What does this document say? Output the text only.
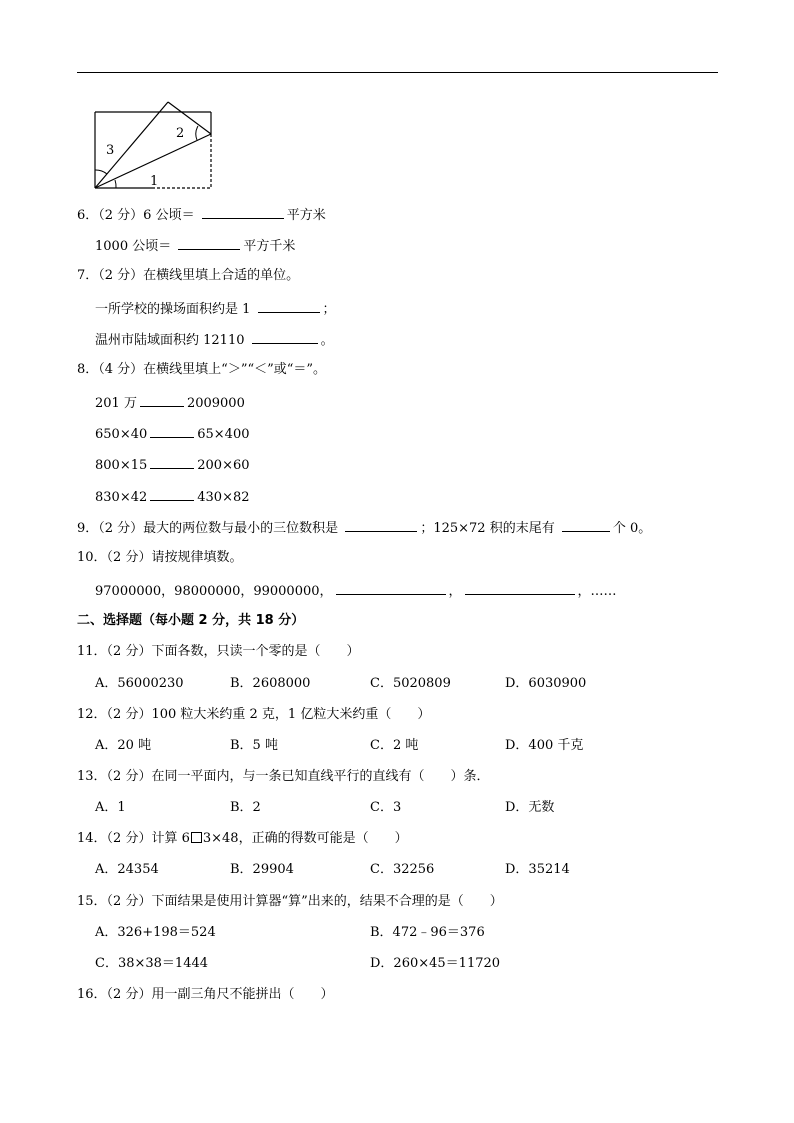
3
2
1
6．（2 分）6 公顷＝	平方米
1000 公顷＝	平方千米
7．（2 分）在横线里填上合适的单位。
一所学校的操场面积约是 1	；
温州市陆域面积约 12110	。
8．（4 分）在横线里填上“＞”“＜”或“＝”。
201 万	2009000
650×40	65×400
800×15	200×60
830×42	430×82
9．（2 分）最大的两位数与最小的三位数积是	；125×72 积的末尾有	个 0。
10．（2 分）请按规律填数。
97000000，98000000，99000000，	，	，……
二、选择题（每小题 2 分，共 18 分）
11．（2 分）下面各数，只读一个零的是（　　）
A．56000230	B．2608000	C．5020809	D．6030900
12．（2 分）100 粒大米约重 2 克，1 亿粒大米约重（　　）
A．20 吨	B．5 吨	C．2 吨	D．400 千克
13．（2 分）在同一平面内，与一条已知直线平行的直线有（　　）条．
A．1	B．2	C．3	D．无数
14．（2 分）计算 6 3×48，正确的得数可能是（　　）
A．24354	B．29904	C．32256	D．35214
15．（2 分）下面结果是使用计算器“算”出来的，结果不合理的是（　　）
A．326+198＝524	B．472﹣96＝376
C．38×38＝1444	D．260×45＝11720
16．（2 分）用一副三角尺不能拼出（　　）
